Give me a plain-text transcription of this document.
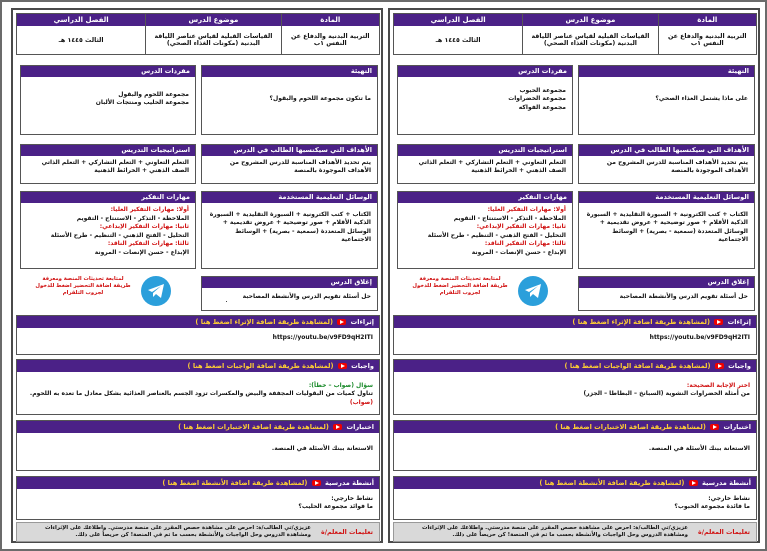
المادة
التربية البدنية والدفاع عن النفس ١ب
موضوع الدرس
القياسات القبلية لقياس عناصر اللياقة البدنية (مكونات الغذاء الصحي)
الفصل الدراسي
الثالث ١٤٤٥ هـ
التهيئة
ما تتكون مجموعة اللحوم والبقول؟
مفردات الدرس
مجموعة اللحوم والبقول
مجموعة الحليب ومنتجات الألبان
الأهداف التي سيكتسبها الطالب في الدرس
يتم تحديد الأهداف المناسبة للدرس المشروح من الأهداف الموجودة بالمنصة
استراتيجيات التدريس
التعلم التعاوني + التعلم التشاركي + التعلم الذاتي الصف الذهني + الخرائط الذهنية
الوسائل التعليمية المستخدمة
الكتاب + كتب الكترونية + السبورة التقليدية + السبورة الذكية الأقلام + صور توضيحية + عروض تقديمية + الوسائل المتعددة (سمعية - بصرية) + الوسائط الاجتماعية
مهارات التفكير
أولا: مهارات التفكير العليا:
الملاحظة - التذكر - الاستنتاج - التقويم
ثانيا: مهارات التفكير الإبداعي:
التحليل - الفتح الذهني - التنظيم - طرح الأسئلة
ثالثا: مهارات التفكير الناقد:
الإبداع - حسن الإنصات - المرونة
إغلاق الدرس
حل أسئلة تقويم الدرس والأنشطة المصاحبة
لمتابعة تحديثات المنصة ومعرفة طريقة اضافة التحضير اضغط للدخول لجروب التلقرام
إثراءات  (لمشاهدة طريقة اضافة الإثراء اضغط هنا )
https://youtu.be/v9FD9qH2ITI
واجبات  (لمشاهدة طريقة اضافة الواجبات اضغط هنا )
سؤال (صواب – خطأ):
تناول كميات من البقوليات المجففة والبيض والمكسرات تزود الجسم بالعناصر الغذائية بشكل معادل ما تعده به اللحوم. (صواب)
اختبارات  (لمشاهدة طريقة اضافة الاختبارات اضغط هنا )
الاستعانة ببنك الأسئلة في المنصة.
أنشطة مدرسية  (لمشاهدة طريقة اضافة الأنشطة اضغط هنا )
نشاط خارجي:
ما فوائد مجموعة الحليب؟
تعليمات المعلم/ة
عزيزي/تي الطالب/ة: احرص على مشاهدة حصص المقرر على منصة مدرستي. واطلاعك على الإثراءات ومشاهدة الدروس وحل الواجبات والأنشطة بحسب ما تم في المنصة! كن حريصاً على ذلك.
المادة
التربية البدنية والدفاع عن النفس ١ب
موضوع الدرس
القياسات القبلية لقياس عناصر اللياقة البدنية (مكونات الغذاء الصحي)
الفصل الدراسي
الثالث ١٤٤٥ هـ
التهيئة
على ماذا يشتمل الغذاء الصحي؟
مفردات الدرس
مجموعة الحبوب
مجموعة الخضراوات
مجموعة الفواكه
الأهداف التي سيكتسبها الطالب في الدرس
يتم تحديد الأهداف المناسبة للدرس المشروح من الأهداف الموجودة بالمنصة
استراتيجيات التدريس
التعلم التعاوني + التعلم التشاركي + التعلم الذاتي الصف الذهني + الخرائط الذهنية
الوسائل التعليمية المستخدمة
الكتاب + كتب الكترونية + السبورة التقليدية + السبورة الذكية الأقلام + صور توضيحية + عروض تقديمية + الوسائل المتعددة (سمعية - بصرية) + الوسائط الاجتماعية
مهارات التفكير
أولا: مهارات التفكير العليا:
الملاحظة - التذكر - الاستنتاج - التقويم
ثانيا: مهارات التفكير الإبداعي:
التحليل - الفتح الذهني - التنظيم - طرح الأسئلة
ثالثا: مهارات التفكير الناقد:
الإبداع - حسن الإنصات - المرونة
إغلاق الدرس
حل أسئلة تقويم الدرس والأنشطة المصاحبة
لمتابعة تحديثات المنصة ومعرفة طريقة اضافة التحضير اضغط للدخول لجروب التلقرام
إثراءات  (لمشاهدة طريقة اضافة الإثراء اضغط هنا )
https://youtu.be/v9FD9qH2ITI
واجبات  (لمشاهدة طريقة اضافة الواجبات اضغط هنا )
اختر الإجابة الصحيحة:
من أمثلة الخضراوات النشوية (السبانخ – البطاطا – الجزر)
اختبارات  (لمشاهدة طريقة اضافة الاختبارات اضغط هنا )
الاستعانة ببنك الأسئلة في المنصة.
أنشطة مدرسية  (لمشاهدة طريقة اضافة الأنشطة اضغط هنا )
نشاط خارجي:
ما فائدة مجموعة الحبوب؟
تعليمات المعلم/ة
عزيزي/تي الطالب/ة: احرص على مشاهدة حصص المقرر على منصة مدرستي. واطلاعك على الإثراءات ومشاهدة الدروس وحل الواجبات والأنشطة بحسب ما تم في المنصة! كن حريصاً على ذلك.
